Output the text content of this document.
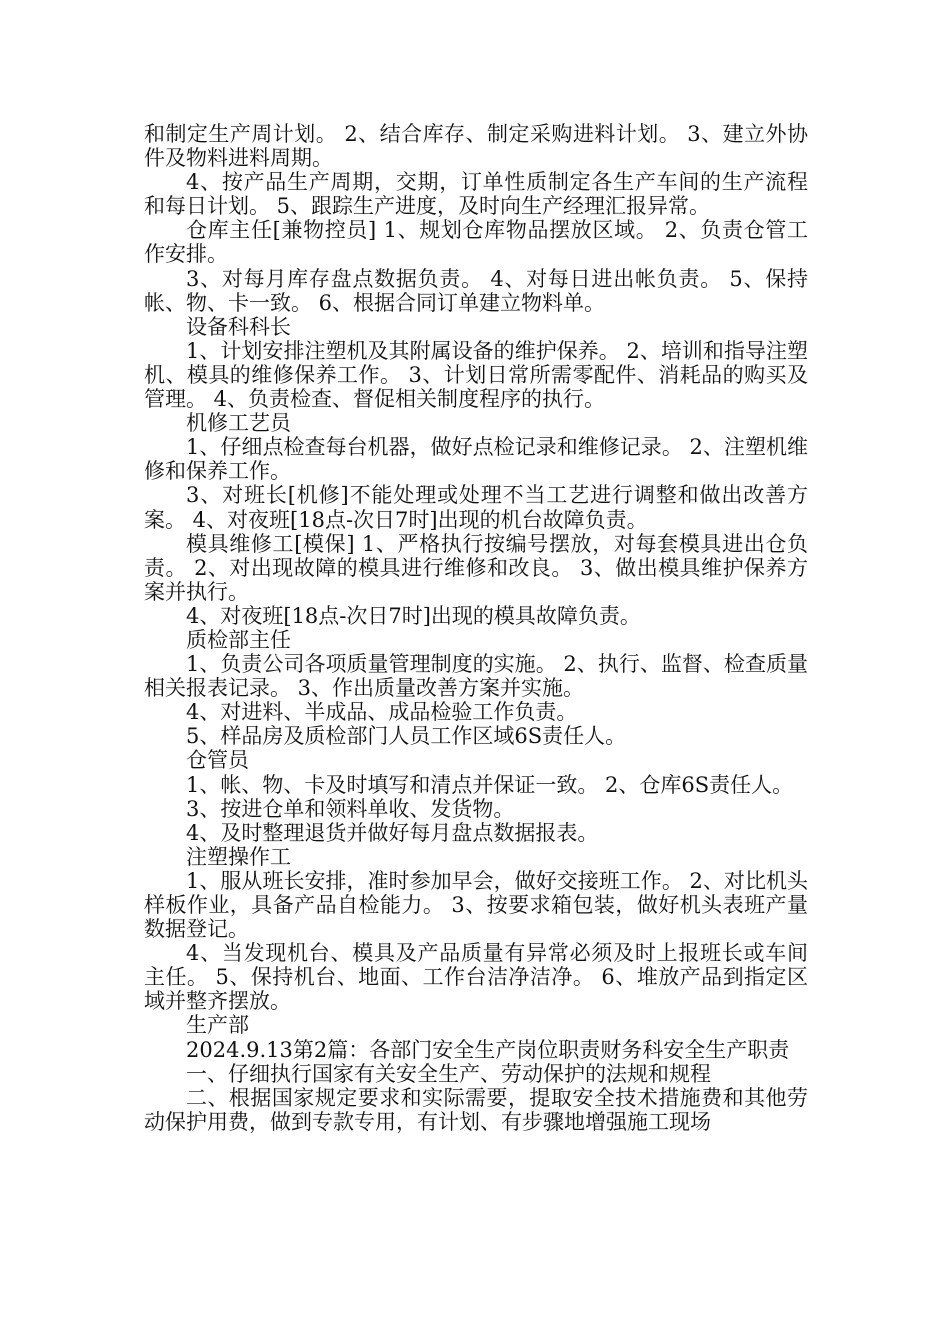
和制定生产周计划。 2、结合库存、制定采购进料计划。 3、建立外协件及物料进料周期。

4、按产品生产周期，交期，订单性质制定各生产车间的生产流程和每日计划。 5、跟踪生产进度，及时向生产经理汇报异常。

仓库主任[兼物控员] 1、规划仓库物品摆放区域。 2、负责仓管工作安排。

3、对每月库存盘点数据负责。 4、对每日进出帐负责。 5、保持帐、物、卡一致。 6、根据合同订单建立物料单。

设备科科长

1、计划安排注塑机及其附属设备的维护保养。 2、培训和指导注塑机、模具的维修保养工作。 3、计划日常所需零配件、消耗品的购买及管理。 4、负责检查、督促相关制度程序的执行。

机修工艺员

1、仔细点检查每台机器，做好点检记录和维修记录。 2、注塑机维修和保养工作。

3、对班长[机修]不能处理或处理不当工艺进行调整和做出改善方案。 4、对夜班[18点-次日7时]出现的机台故障负责。

模具维修工[模保] 1、严格执行按编号摆放，对每套模具进出仓负责。 2、对出现故障的模具进行维修和改良。 3、做出模具维护保养方案并执行。

4、对夜班[18点-次日7时]出现的模具故障负责。

质检部主任

1、负责公司各项质量管理制度的实施。 2、执行、监督、检查质量相关报表记录。 3、作出质量改善方案并实施。

4、对进料、半成品、成品检验工作负责。

5、样品房及质检部门人员工作区域6S责任人。

仓管员

1、帐、物、卡及时填写和清点并保证一致。 2、仓库6S责任人。

3、按进仓单和领料单收、发货物。

4、及时整理退货并做好每月盘点数据报表。

注塑操作工

1、服从班长安排，准时参加早会，做好交接班工作。 2、对比机头样板作业，具备产品自检能力。 3、按要求箱包装，做好机头表班产量数据登记。

4、当发现机台、模具及产品质量有异常必须及时上报班长或车间主任。 5、保持机台、地面、工作台洁净洁净。 6、堆放产品到指定区域并整齐摆放。

生产部

2024.9.13第2篇：各部门安全生产岗位职责财务科安全生产职责

一、仔细执行国家有关安全生产、劳动保护的法规和规程

二、根据国家规定要求和实际需要，提取安全技术措施费和其他劳动保护用费，做到专款专用，有计划、有步骤地增强施工现场
